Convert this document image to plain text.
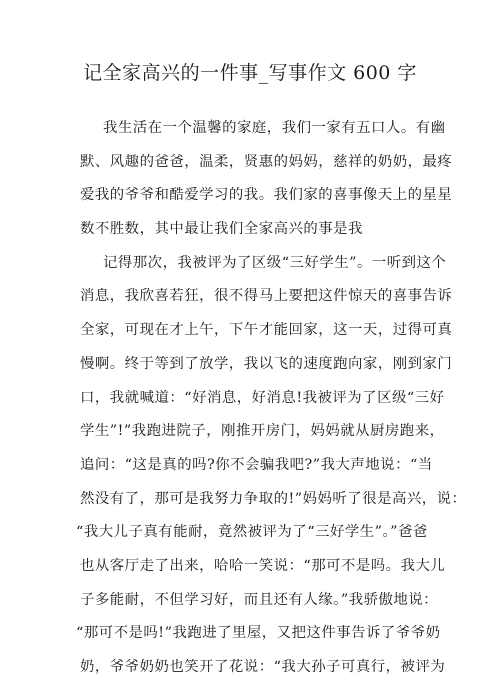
记全家高兴的一件事_写事作文 600 字
我生活在一个温馨的家庭，我们一家有五口人。有幽
默、风趣的爸爸，温柔，贤惠的妈妈，慈祥的奶奶，最疼
爱我的爷爷和酷爱学习的我。我们家的喜事像天上的星星
数不胜数，其中最让我们全家高兴的事是我
记得那次，我被评为了区级“三好学生”。一听到这个
消息，我欣喜若狂，很不得马上要把这件惊天的喜事告诉
全家，可现在才上午，下午才能回家，这一天，过得可真
慢啊。终于等到了放学，我以飞的速度跑向家，刚到家门
口，我就喊道：“好消息，好消息!我被评为了区级“三好
学生”!”我跑进院子，刚推开房门，妈妈就从厨房跑来，
追问：“这是真的吗?你不会骗我吧?”我大声地说：“当
然没有了，那可是我努力争取的!”妈妈听了很是高兴，说：
“我大儿子真有能耐，竟然被评为了“三好学生”。”爸爸
也从客厅走了出来，哈哈一笑说：“那可不是吗。我大儿
子多能耐，不但学习好，而且还有人缘。”我骄傲地说：
“那可不是吗!”我跑进了里屋，又把这件事告诉了爷爷奶
奶，爷爷奶奶也笑开了花说：“我大孙子可真行，被评为
